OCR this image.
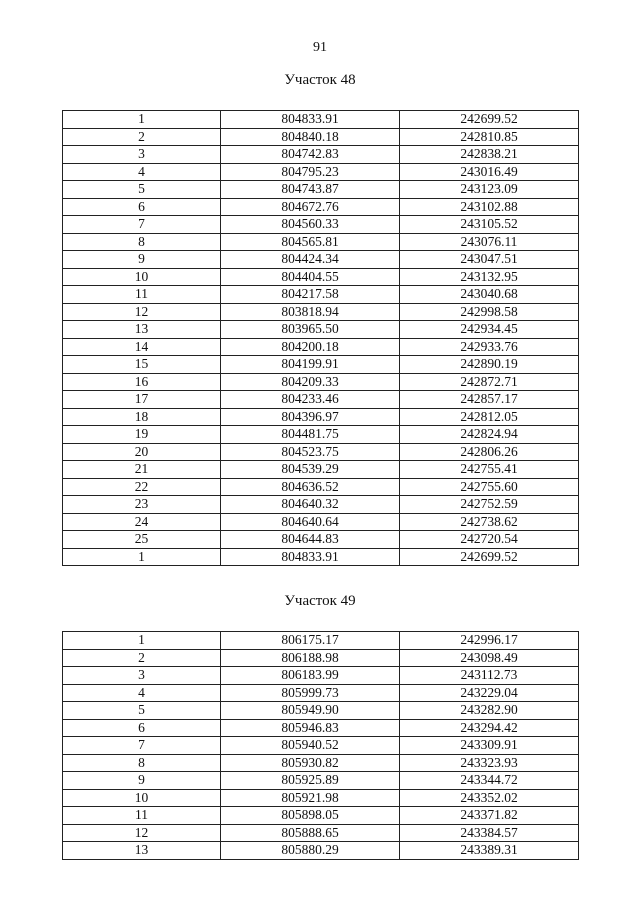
91
Участок 48
1	804833.91	242699.52
2	804840.18	242810.85
3	804742.83	242838.21
4	804795.23	243016.49
5	804743.87	243123.09
6	804672.76	243102.88
7	804560.33	243105.52
8	804565.81	243076.11
9	804424.34	243047.51
10	804404.55	243132.95
11	804217.58	243040.68
12	803818.94	242998.58
13	803965.50	242934.45
14	804200.18	242933.76
15	804199.91	242890.19
16	804209.33	242872.71
17	804233.46	242857.17
18	804396.97	242812.05
19	804481.75	242824.94
20	804523.75	242806.26
21	804539.29	242755.41
22	804636.52	242755.60
23	804640.32	242752.59
24	804640.64	242738.62
25	804644.83	242720.54
1	804833.91	242699.52
Участок 49
1	806175.17	242996.17
2	806188.98	243098.49
3	806183.99	243112.73
4	805999.73	243229.04
5	805949.90	243282.90
6	805946.83	243294.42
7	805940.52	243309.91
8	805930.82	243323.93
9	805925.89	243344.72
10	805921.98	243352.02
11	805898.05	243371.82
12	805888.65	243384.57
13	805880.29	243389.31
